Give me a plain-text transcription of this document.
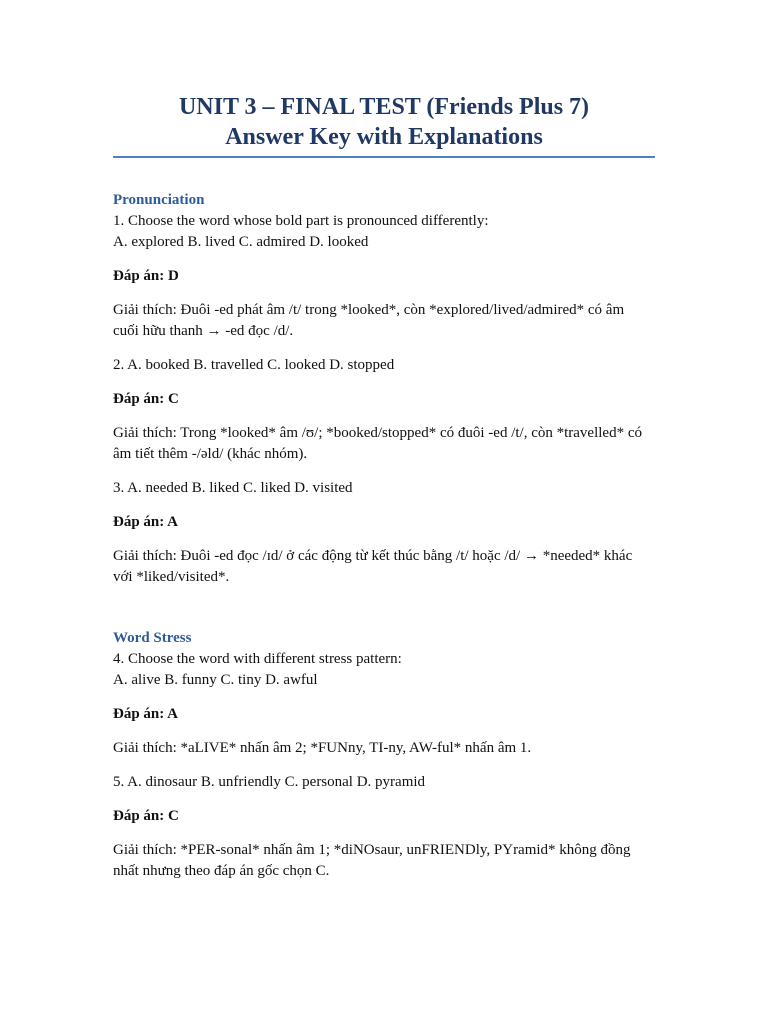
UNIT 3 – FINAL TEST (Friends Plus 7)
Answer Key with Explanations
Pronunciation

1. Choose the word whose bold part is pronounced differently:

A. explored B. lived C. admired D. looked

Đáp án: D

Giải thích: Đuôi -ed phát âm /t/ trong *looked*, còn *explored/lived/admired* có âm
cuối hữu thanh → -ed đọc /d/.

2. A. booked B. travelled C. looked D. stopped

Đáp án: C

Giải thích: Trong *looked* âm /ʊ/; *booked/stopped* có đuôi -ed /t/, còn *travelled* có
âm tiết thêm -/əld/ (khác nhóm).

3. A. needed B. liked C. liked D. visited

Đáp án: A

Giải thích: Đuôi -ed đọc /ɪd/ ở các động từ kết thúc bằng /t/ hoặc /d/ → *needed* khác
với *liked/visited*.

Word Stress

4. Choose the word with different stress pattern:

A. alive B. funny C. tiny D. awful

Đáp án: A

Giải thích: *aLIVE* nhấn âm 2; *FUNny, TI-ny, AW-ful* nhấn âm 1.

5. A. dinosaur B. unfriendly C. personal D. pyramid

Đáp án: C

Giải thích: *PER-sonal* nhấn âm 1; *diNOsaur, unFRIENDly, PYramid* không đồng
nhất nhưng theo đáp án gốc chọn C.
